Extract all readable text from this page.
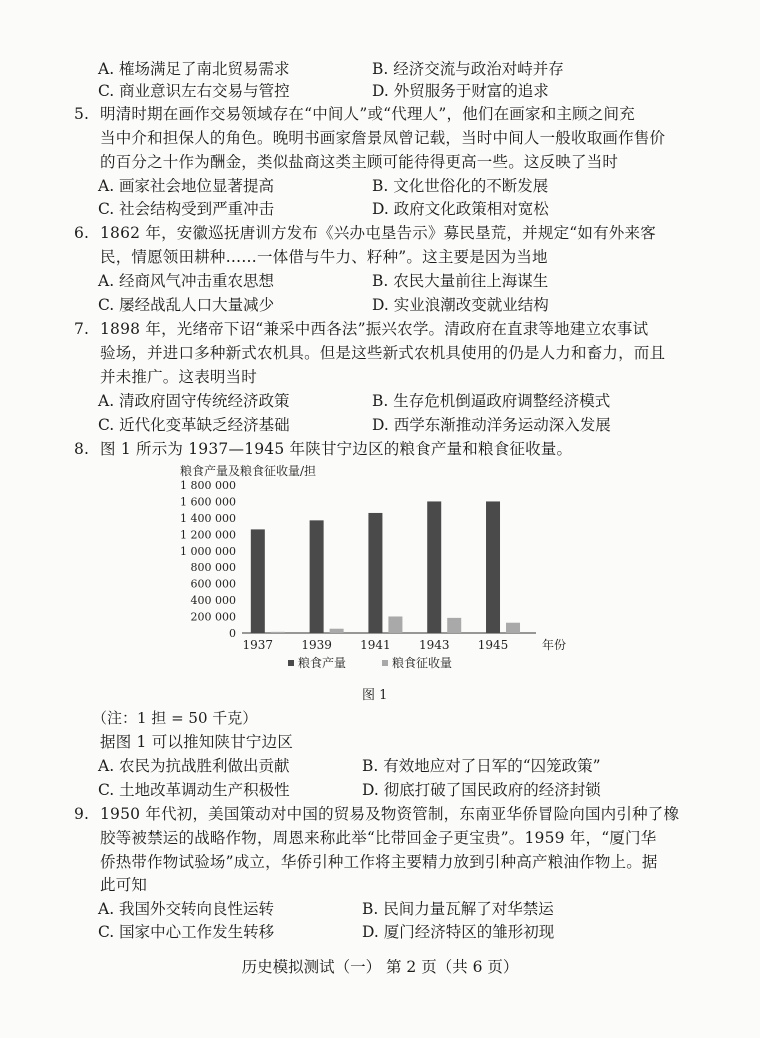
A. 榷场满足了南北贸易需求	B. 经济交流与政治对峙并存
C. 商业意识左右交易与管控	D. 外贸服务于财富的追求
5. 明清时期在画作交易领域存在“中间人”或“代理人”，他们在画家和主顾之间充
当中介和担保人的角色。晚明书画家詹景凤曾记载，当时中间人一般收取画作售价
的百分之十作为酬金，类似盐商这类主顾可能待得更高一些。这反映了当时
A. 画家社会地位显著提高	B. 文化世俗化的不断发展
C. 社会结构受到严重冲击	D. 政府文化政策相对宽松
6. 1862 年，安徽巡抚唐训方发布《兴办屯垦告示》募民垦荒，并规定“如有外来客
民，情愿领田耕种……一体借与牛力、籽种”。这主要是因为当地
A. 经商风气冲击重农思想	B. 农民大量前往上海谋生
C. 屡经战乱人口大量减少	D. 实业浪潮改变就业结构
7. 1898 年，光绪帝下诏“兼采中西各法”振兴农学。清政府在直隶等地建立农事试
验场，并进口多种新式农机具。但是这些新式农机具使用的仍是人力和畜力，而且
并未推广。这表明当时
A. 清政府固守传统经济政策	B. 生存危机倒逼政府调整经济模式
C. 近代化变革缺乏经济基础	D. 西学东渐推动洋务运动深入发展
8. 图 1 所示为 1937—1945 年陕甘宁边区的粮食产量和粮食征收量。
粮食产量及粮食征收量/担
0
200 000
400 000
600 000
800 000
1 000 000
1 200 000
1 400 000
1 600 000
1 800 000
1937 1939 1941 1943 1945	年份
粮食产量	粮食征收量
图 1
（注：1 担 = 50 千克）
据图 1 可以推知陕甘宁边区
A. 农民为抗战胜利做出贡献	B. 有效地应对了日军的“囚笼政策”
C. 土地改革调动生产积极性	D. 彻底打破了国民政府的经济封锁
9. 1950 年代初，美国策动对中国的贸易及物资管制，东南亚华侨冒险向国内引种了橡
胶等被禁运的战略作物，周恩来称此举“比带回金子更宝贵”。1959 年，“厦门华
侨热带作物试验场”成立，华侨引种工作将主要精力放到引种高产粮油作物上。据
此可知
A. 我国外交转向良性运转	B. 民间力量瓦解了对华禁运
C. 国家中心工作发生转移	D. 厦门经济特区的雏形初现
历史模拟测试（一） 第 2 页（共 6 页）
